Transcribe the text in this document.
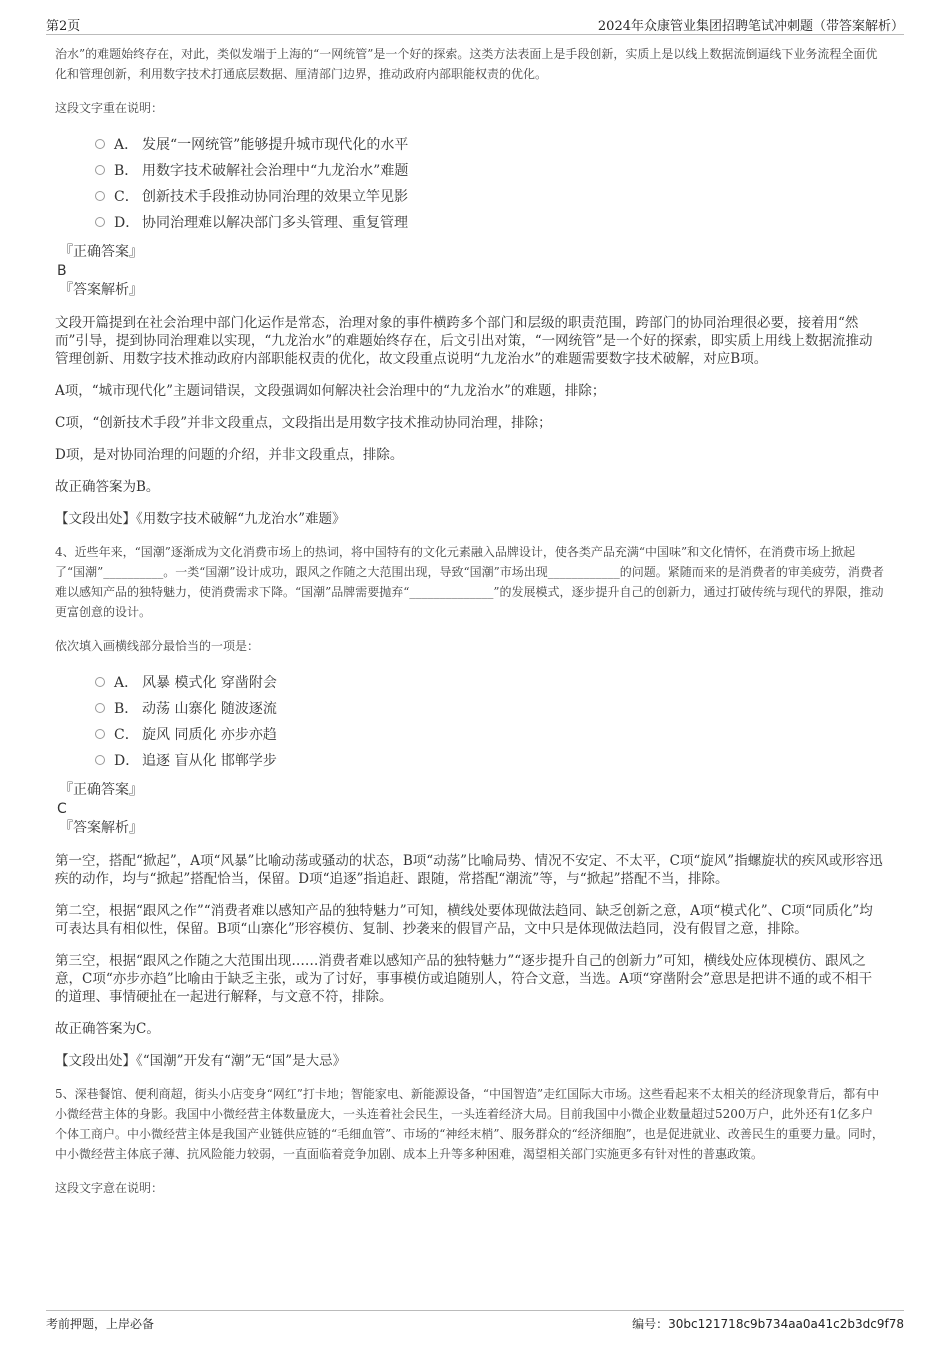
第2页	2024年众康管业集团招聘笔试冲刺题（带答案解析）

治水”的难题始终存在，对此，类似发端于上海的“一网统管”是一个好的探索。这类方法表面上是手段创新，实质上是以线上数据流倒逼线下业务流程全面优化和管理创新，利用数字技术打通底层数据、厘清部门边界，推动政府内部职能权责的优化。

这段文字重在说明：
A． 发展“一网统管”能够提升城市现代化的水平
B． 用数字技术破解社会治理中“九龙治水”难题
C． 创新技术手段推动协同治理的效果立竿见影
D． 协同治理难以解决部门多头管理、重复管理
『正确答案』
B
『答案解析』

文段开篇提到在社会治理中部门化运作是常态，治理对象的事件横跨多个部门和层级的职责范围，跨部门的协同治理很必要，接着用“然而”引导，提到协同治理难以实现，“九龙治水”的难题始终存在，后文引出对策，“一网统管”是一个好的探索，即实质上用线上数据流推动管理创新、用数字技术推动政府内部职能权责的优化，故文段重点说明“九龙治水”的难题需要数字技术破解，对应B项。

A项，“城市现代化”主题词错误，文段强调如何解决社会治理中的“九龙治水”的难题，排除；

C项，“创新技术手段”并非文段重点，文段指出是用数字技术推动协同治理，排除；

D项，是对协同治理的问题的介绍，并非文段重点，排除。

故正确答案为B。

【文段出处】《用数字技术破解“九龙治水”难题》

4、近些年来，“国潮”逐渐成为文化消费市场上的热词，将中国特有的文化元素融入品牌设计，使各类产品充满“中国味”和文化情怀，在消费市场上掀起了“国潮”__________。一类“国潮”设计成功，跟风之作随之大范围出现，导致“国潮”市场出现____________的问题。紧随而来的是消费者的审美疲劳，消费者难以感知产品的独特魅力，使消费需求下降。“国潮”品牌需要抛弃“______________”的发展模式，逐步提升自己的创新力，通过打破传统与现代的界限，推动更富创意的设计。

依次填入画横线部分最恰当的一项是：
A． 风暴 模式化 穿凿附会
B． 动荡 山寨化 随波逐流
C． 旋风 同质化 亦步亦趋
D． 追逐 盲从化 邯郸学步
『正确答案』
C
『答案解析』

第一空，搭配“掀起”，A项“风暴”比喻动荡或骚动的状态，B项“动荡”比喻局势、情况不安定、不太平，C项“旋风”指螺旋状的疾风或形容迅疾的动作，均与“掀起”搭配恰当，保留。D项“追逐”指追赶、跟随，常搭配“潮流”等，与“掀起”搭配不当，排除。

第二空，根据“跟风之作”“消费者难以感知产品的独特魅力”可知，横线处要体现做法趋同、缺乏创新之意，A项“模式化”、C项“同质化”均可表达具有相似性，保留。B项“山寨化”形容模仿、复制、抄袭来的假冒产品，文中只是体现做法趋同，没有假冒之意，排除。

第三空，根据“跟风之作随之大范围出现……消费者难以感知产品的独特魅力”“逐步提升自己的创新力”可知，横线处应体现模仿、跟风之意，C项“亦步亦趋”比喻由于缺乏主张，或为了讨好，事事模仿或追随别人，符合文意，当选。A项“穿凿附会”意思是把讲不通的或不相干的道理、事情硬扯在一起进行解释，与文意不符，排除。

故正确答案为C。

【文段出处】《“国潮”开发有“潮”无“国”是大忌》

5、深巷餐馆、便利商超，街头小店变身“网红”打卡地；智能家电、新能源设备，“中国智造”走红国际大市场。这些看起来不太相关的经济现象背后，都有中小微经营主体的身影。我国中小微经营主体数量庞大，一头连着社会民生，一头连着经济大局。目前我国中小微企业数量超过5200万户，此外还有1亿多户个体工商户。中小微经营主体是我国产业链供应链的“毛细血管”、市场的“神经末梢”、服务群众的“经济细胞”，也是促进就业、改善民生的重要力量。同时，中小微经营主体底子薄、抗风险能力较弱，一直面临着竞争加剧、成本上升等多种困难，渴望相关部门实施更多有针对性的普惠政策。

这段文字意在说明：
考前押题，上岸必备	编号：30bc121718c9b734aa0a41c2b3dc9f78
